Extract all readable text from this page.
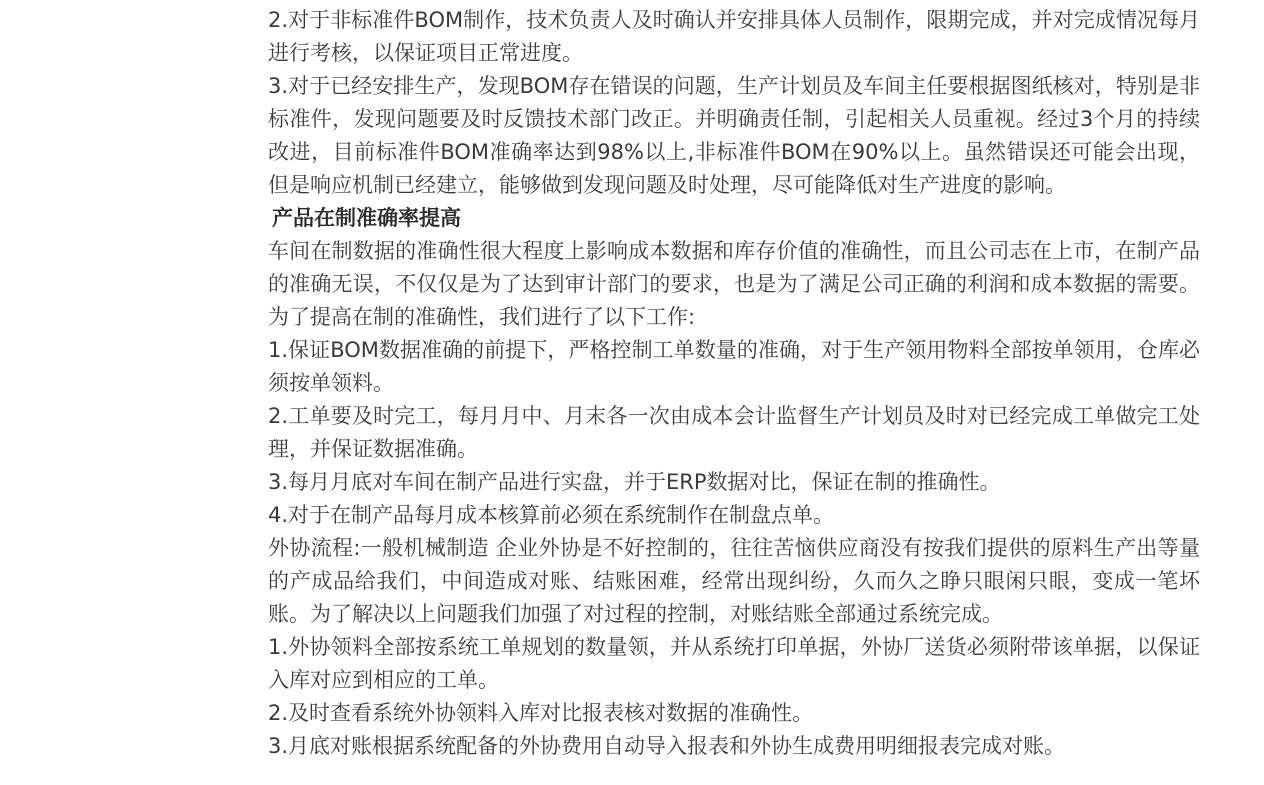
2.对于非标准件BOM制作，技术负责人及时确认并安排具体人员制作，限期完成，并对完成情况每月进行考核，以保证项目正常进度。

3.对于已经安排生产，发现BOM存在错误的问题，生产计划员及车间主任要根据图纸核对，特别是非标准件，发现问题要及时反馈技术部门改正。并明确责任制，引起相关人员重视。经过3个月的持续改进，目前标准件BOM准确率达到98%以上,非标准件BOM在90%以上。虽然错误还可能会出现，但是响应机制已经建立，能够做到发现问题及时处理，尽可能降低对生产进度的影响。

产品在制准确率提高

车间在制数据的准确性很大程度上影响成本数据和库存价值的准确性，而且公司志在上市，在制产品的准确无误，不仅仅是为了达到审计部门的要求，也是为了满足公司正确的利润和成本数据的需要。为了提高在制的准确性，我们进行了以下工作:

1.保证BOM数据准确的前提下，严格控制工单数量的准确，对于生产领用物料全部按单领用，仓库必须按单领料。

2.工单要及时完工，每月月中、月末各一次由成本会计监督生产计划员及时对已经完成工单做完工处理，并保证数据准确。

3.每月月底对车间在制产品进行实盘，并于ERP数据对比，保证在制的推确性。

4.对于在制产品每月成本核算前必须在系统制作在制盘点单。

外协流程:一般机械制造 企业外协是不好控制的，往往苦恼供应商没有按我们提供的原料生产出等量的产成品给我们，中间造成对账、结账困难，经常出现纠纷，久而久之睁只眼闲只眼，变成一笔坏账。为了解决以上问题我们加强了对过程的控制，对账结账全部通过系统完成。

1.外协领料全部按系统工单规划的数量领，并从系统打印单据，外协厂送货必须附带该单据，以保证入库对应到相应的工单。

2.及时查看系统外协领料入库对比报表核对数据的准确性。

3.月底对账根据系统配备的外协费用自动导入报表和外协生成费用明细报表完成对账。
